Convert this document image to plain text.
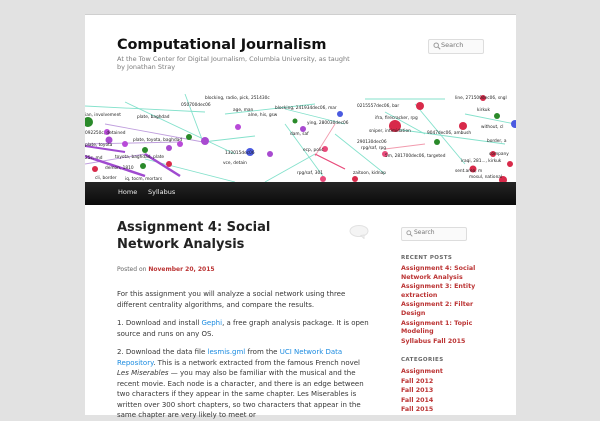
Computational Journalism

At the Tow Center for Digital Journalism, Columbia University, as taught by Jonathan Stray

Search
blocking, radio, pick, 251430c
blocking, 241934dec06, mar	0215557dec06, bar
line, 271500dec06, sngl
ian, involvement	plate, baghdad
050700dec06
alne, his, gsw
age, man
ying, 280030dec06
ifra, firecracker, rpg
kirkuk
092250c, detained
plate, toyota, baghdad
dam, saf
sniper, intimidation	9047dec06, ambush
without, cl
plate, toyota
290130dec06
rpg/saf, rpg
border, a
132015dec06
ecp, polic
5m, 281700dec06, targeted
iraqi, 281..., kirkuk
25c, md	toyota, baghdad, plate
demon, 1810
vce, detain
company
mosul, national
rpg/saf, 301	zaitoon, kidnap	sent.area, m
cli, border iq, tocm, mortars
Home Syllabus
Assignment 4: Social Network Analysis
Posted on November 20, 2015

For this assignment you will analyze a social network using three different centrality algorithms, and compare the results.

1. Download and install Gephi, a free graph analysis package. It is open source and runs on any OS.

2. Download the data file lesmis.gml from the UCI Network Data Repository. This is a network extracted from the famous French novel Les Miserables — you may also be familiar with the musical and the recent movie. Each node is a character, and there is an edge between two characters if they appear in the same chapter. Les Miserables is written over 300 short chapters, so two characters that appear in the same chapter are very likely to meet or

Search
RECENT POSTS
Assignment 4: Social Network Analysis
Assignment 3: Entity extraction
Assignment 2: Filter Design
Assignment 1: Topic Modeling
Syllabus Fall 2015
CATEGORIES
Assignment
Fall 2012
Fall 2013
Fall 2014
Fall 2015
